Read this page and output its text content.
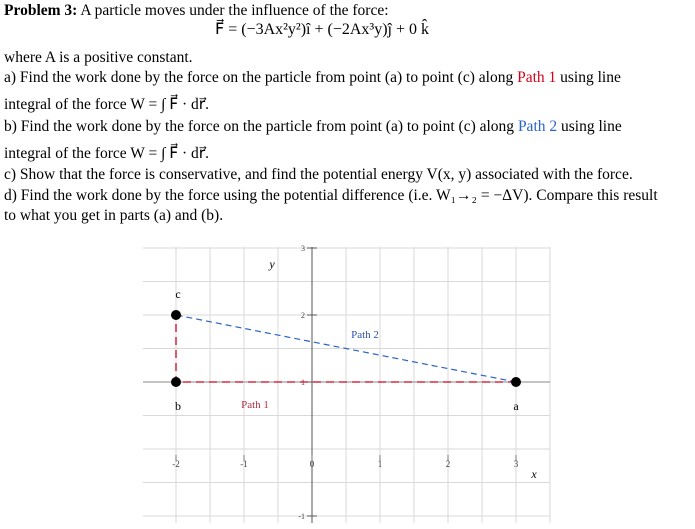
Problem 3: A particle moves under the influence of the force:
F⃗ = (−3Ax²y²)î + (−2Ax³y)ĵ + 0 k̂
where A is a positive constant.
a) Find the work done by the force on the particle from point (a) to point (c) along Path 1 using line
integral of the force W = ∫ F⃗ · dr⃗.
b) Find the work done by the force on the particle from point (a) to point (c) along Path 2 using line
integral of the force W = ∫ F⃗ · dr⃗.
c) Show that the force is conservative, and find the potential energy V(x, y) associated with the force.
d) Find the work done by the force using the potential difference (i.e. W₁→₂ = −ΔV). Compare this result
to what you get in parts (a) and (b).
-1
1
2
3
-2	-1	0	1	2	3
y
x
Path 1
Path 2
a
b
c
